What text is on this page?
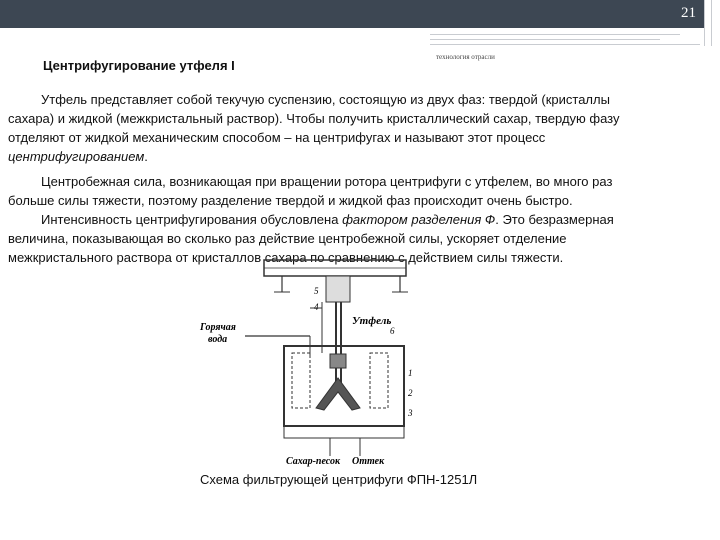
21
технология отрасли
Центрифугирование утфеля I
Утфель представляет собой текучую суспензию, состоящую из двух фаз: твердой (кристаллы
сахара) и жидкой (межкристальный раствор). Чтобы получить кристаллический сахар, твердую фазу
отделяют от жидкой механическим способом – на центрифугах и называют этот процесс
центрифугированием.
Центробежная сила, возникающая при вращении ротора центрифуги с утфелем, во много раз
больше силы тяжести, поэтому разделение твердой и жидкой фаз происходит очень быстро.
Интенсивность центрифугирования обусловлена фактором разделения Ф. Это безразмерная
величина, показывающая во сколько раз действие центробежной силы, ускоряет отделение
межкристального раствора от кристаллов сахара по сравнению с действием силы тяжести.
Горячая
вода
Утфель
Сахар-песок Оттек
5
4
6
1
2
3
Схема фильтрующей центрифуги ФПН-1251Л
